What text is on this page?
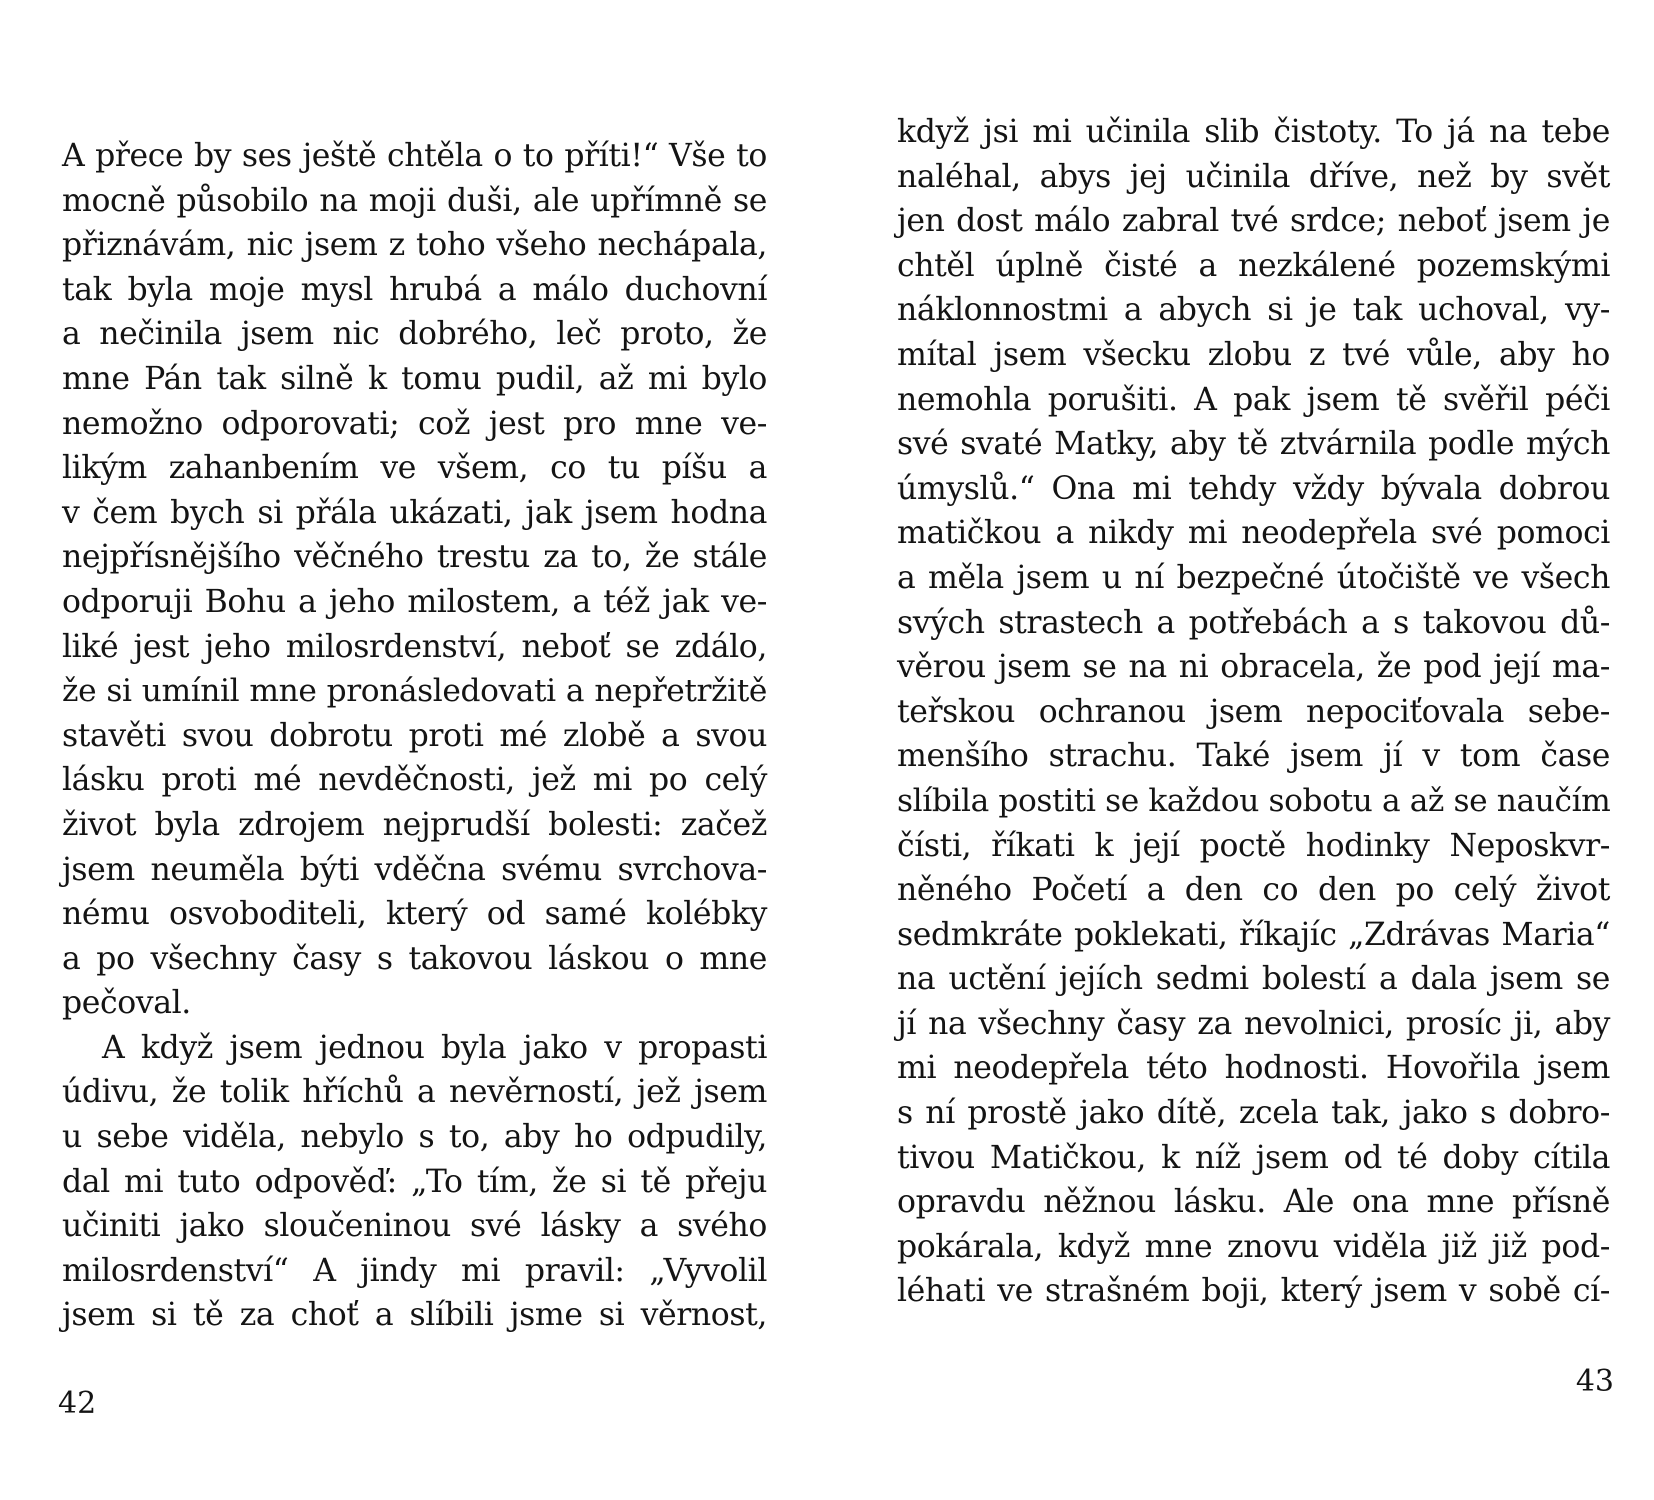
A přece by ses ještě chtěla o to příti!“ Vše to
mocně působilo na moji duši, ale upřímně se
přiznávám, nic jsem z toho všeho nechápala,
tak byla moje mysl hrubá a málo duchovní
a nečinila jsem nic dobrého, leč proto, že
mne Pán tak silně k tomu pudil, až mi bylo
nemožno odporovati; což jest pro mne ve-
likým zahanbením ve všem, co tu píšu a
v čem bych si přála ukázati, jak jsem hodna
nejpřísnějšího věčného trestu za to, že stále
odporuji Bohu a jeho milostem, a též jak ve-
liké jest jeho milosrdenství, neboť se zdálo,
že si umínil mne pronásledovati a nepřetržitě
stavěti svou dobrotu proti mé zlobě a svou
lásku proti mé nevděčnosti, jež mi po celý
život byla zdrojem nejprudší bolesti: začež
jsem neuměla býti vděčna svému svrchova-
nému osvoboditeli, který od samé kolébky
a po všechny časy s takovou láskou o mne
pečoval.
A když jsem jednou byla jako v propasti
údivu, že tolik hříchů a nevěrností, jež jsem
u sebe viděla, nebylo s to, aby ho odpudily,
dal mi tuto odpověď: „To tím, že si tě přeju
učiniti jako sloučeninou své lásky a svého
milosrdenství“ A jindy mi pravil: „Vyvolil
jsem si tě za choť a slíbili jsme si věrnost,
42
když jsi mi učinila slib čistoty. To já na tebe
naléhal, abys jej učinila dříve, než by svět
jen dost málo zabral tvé srdce; neboť jsem je
chtěl úplně čisté a nezkálené pozemskými
náklonnostmi a abych si je tak uchoval, vy-
mítal jsem všecku zlobu z tvé vůle, aby ho
nemohla porušiti. A pak jsem tě svěřil péči
své svaté Matky, aby tě ztvárnila podle mých
úmyslů.“ Ona mi tehdy vždy bývala dobrou
matičkou a nikdy mi neodepřela své pomoci
a měla jsem u ní bezpečné útočiště ve všech
svých strastech a potřebách a s takovou dů-
věrou jsem se na ni obracela, že pod její ma-
teřskou ochranou jsem nepociťovala sebe-
menšího strachu. Také jsem jí v tom čase
slíbila postiti se každou sobotu a až se naučím
čísti, říkati k její poctě hodinky Neposkvr-
něného Početí a den co den po celý život
sedmkráte poklekati, říkajíc „Zdrávas Maria“
na uctění jejích sedmi bolestí a dala jsem se
jí na všechny časy za nevolnici, prosíc ji, aby
mi neodepřela této hodnosti. Hovořila jsem
s ní prostě jako dítě, zcela tak, jako s dobro-
tivou Matičkou, k níž jsem od té doby cítila
opravdu něžnou lásku. Ale ona mne přísně
pokárala, když mne znovu viděla již již pod-
léhati ve strašném boji, který jsem v sobě cí-
43
